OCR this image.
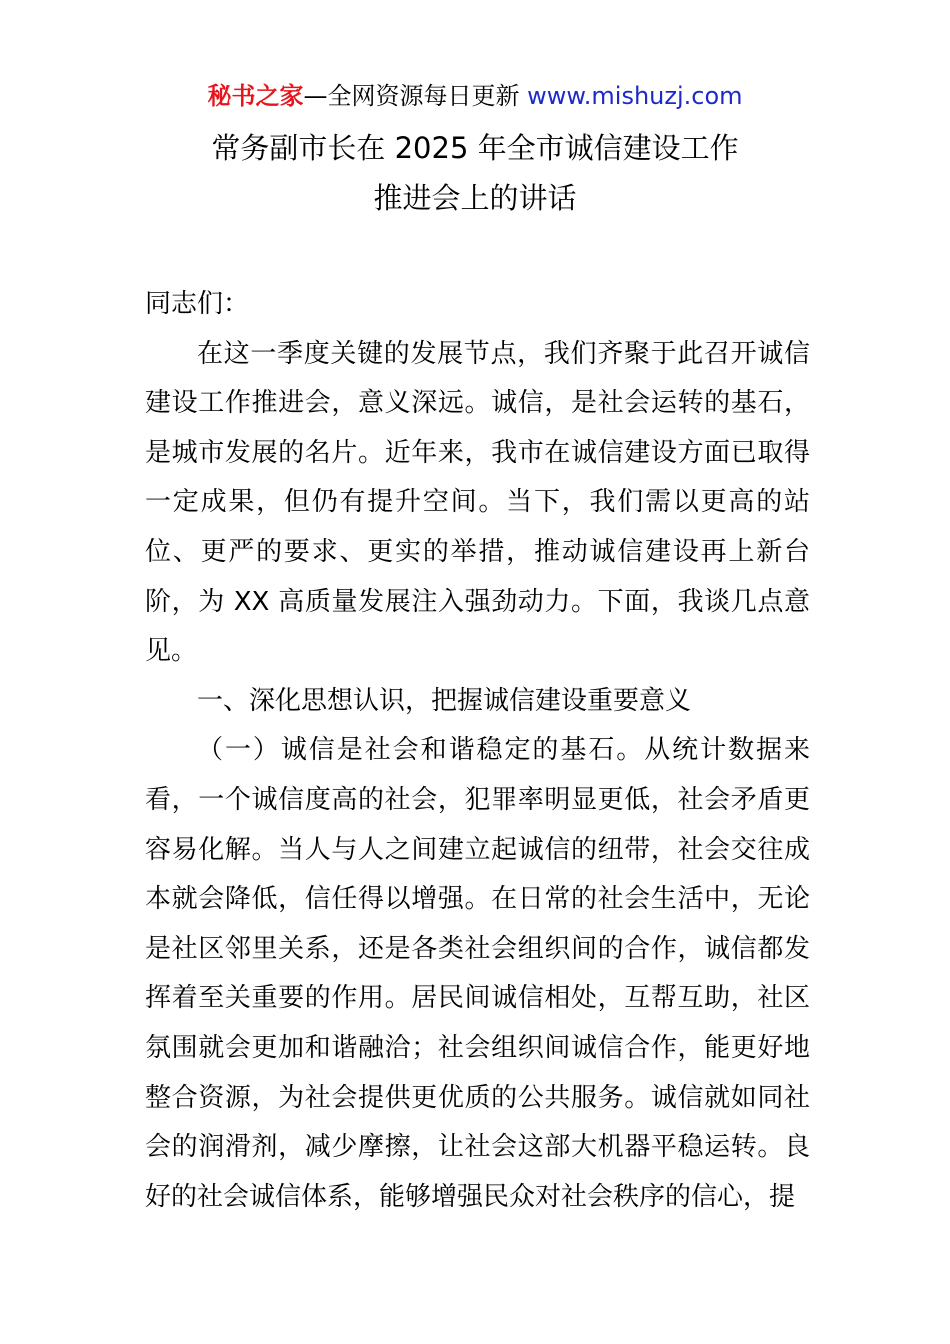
秘书之家—全网资源每日更新 www.mishuzj.com
常务副市长在 2025 年全市诚信建设工作
推进会上的讲话

同志们：

在这一季度关键的发展节点，我们齐聚于此召开诚信建设工作推进会，意义深远。诚信，是社会运转的基石，是城市发展的名片。近年来，我市在诚信建设方面已取得一定成果，但仍有提升空间。当下，我们需以更高的站位、更严的要求、更实的举措，推动诚信建设再上新台阶，为 XX 高质量发展注入强劲动力。下面，我谈几点意见。

一、深化思想认识，把握诚信建设重要意义

（一）诚信是社会和谐稳定的基石。从统计数据来看，一个诚信度高的社会，犯罪率明显更低，社会矛盾更容易化解。当人与人之间建立起诚信的纽带，社会交往成本就会降低，信任得以增强。在日常的社会生活中，无论是社区邻里关系，还是各类社会组织间的合作，诚信都发挥着至关重要的作用。居民间诚信相处，互帮互助，社区氛围就会更加和谐融洽；社会组织间诚信合作，能更好地整合资源，为社会提供更优质的公共服务。诚信就如同社会的润滑剂，减少摩擦，让社会这部大机器平稳运转。良好的社会诚信体系，能够增强民众对社会秩序的信心，提
